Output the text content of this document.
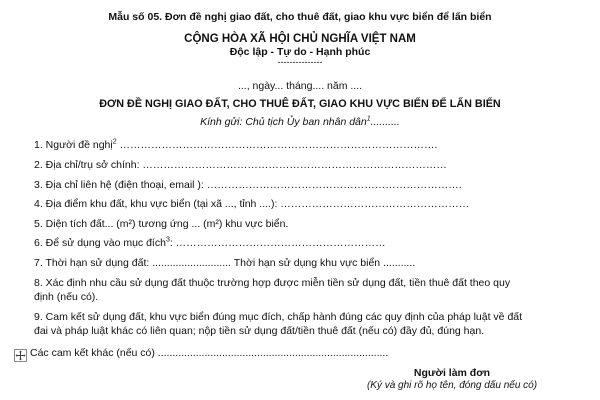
Mẫu số 05. Đơn đề nghị giao đất, cho thuê đất, giao khu vực biển để lấn biển
CỘNG HÒA XÃ HỘI CHỦ NGHĨA VIỆT NAM
Độc lập - Tự do - Hạnh phúc
---------------
..., ngày... tháng.... năm ....
ĐƠN ĐỀ NGHỊ GIAO ĐẤT, CHO THUÊ ĐẤT, GIAO KHU VỰC BIỂN ĐỂ LẤN BIỂN
Kính gửi: Chủ tịch Ủy ban nhân dân$^1$..........
1. Người đề nghị$^2$ ……………………………………………………………………………….
2. Địa chỉ/trụ sở chính: ……………………………………………………………………………
3. Địa chỉ liên hệ (điện thoại, email ): ……………………………………………………………….
4. Địa điểm khu đất, khu vực biển (tại xã ..., tỉnh ....): ………………………………………………
5. Diện tích đất... (m²) tương ứng ... (m²) khu vực biển.
6. Để sử dụng vào mục đích$^3$: ……………………………………………………
7. Thời hạn sử dụng đất: ........................... Thời hạn sử dụng khu vực biển ...........
8. Xác định nhu cầu sử dụng đất thuộc trường hợp được miễn tiền sử dụng đất, tiền thuê đất theo quy
định (nếu có).
9. Cam kết sử dụng đất, khu vực biển đúng mục đích, chấp hành đúng các quy định của pháp luật về đất
đai và pháp luật khác có liên quan; nộp tiền sử dụng đất/tiền thuê đất (nếu có) đầy đủ, đúng hạn.
Các cam kết khác (nếu có) ...............................................................................
Người làm đơn
(Ký và ghi rõ họ tên, đóng dấu nếu có)
